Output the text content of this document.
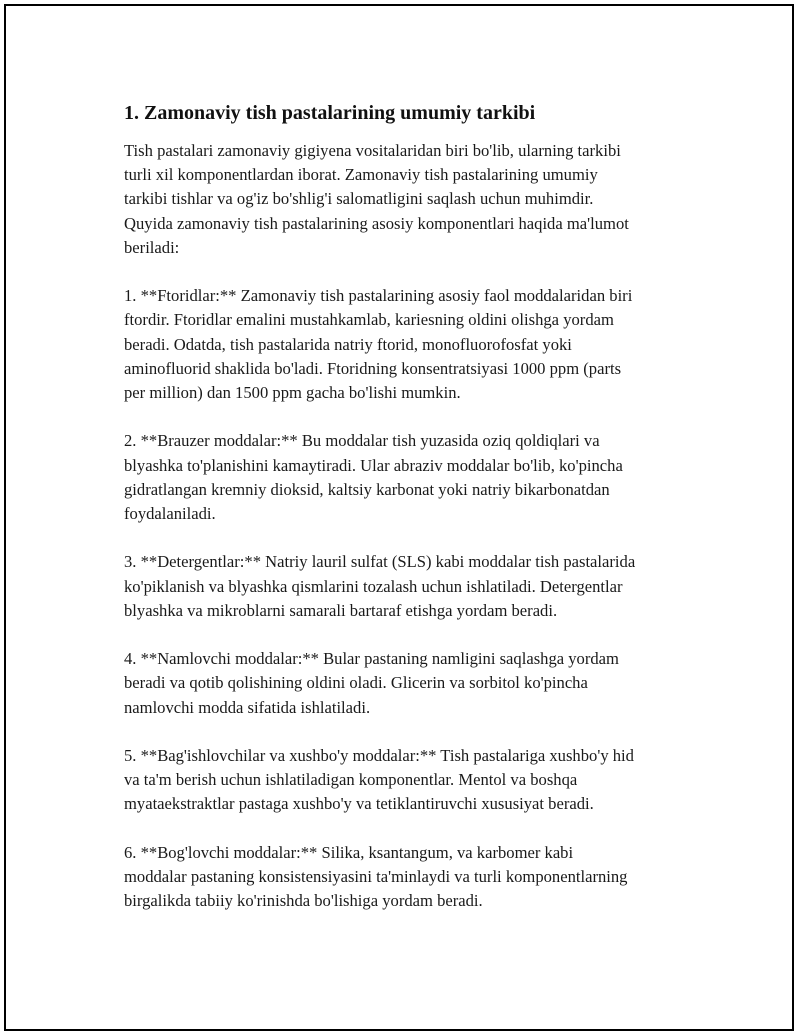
1. Zamonaviy tish pastalarining umumiy tarkibi

Tish pastalari zamonaviy gigiyena vositalaridan biri bo'lib, ularning tarkibi
turli xil komponentlardan iborat. Zamonaviy tish pastalarining umumiy
tarkibi tishlar va og'iz bo'shlig'i salomatligini saqlash uchun muhimdir.
Quyida zamonaviy tish pastalarining asosiy komponentlari haqida ma'lumot
beriladi:

1. **Ftoridlar:** Zamonaviy tish pastalarining asosiy faol moddalaridan biri
ftordir. Ftoridlar emalini mustahkamlab, kariesning oldini olishga yordam
beradi. Odatda, tish pastalarida natriy ftorid, monofluorofosfat yoki
aminofluorid shaklida bo'ladi. Ftoridning konsentratsiyasi 1000 ppm (parts
per million) dan 1500 ppm gacha bo'lishi mumkin.

2. **Brauzer moddalar:** Bu moddalar tish yuzasida oziq qoldiqlari va
blyashka to'planishini kamaytiradi. Ular abraziv moddalar bo'lib, ko'pincha
gidratlangan kremniy dioksid, kaltsiy karbonat yoki natriy bikarbonatdan
foydalaniladi.

3. **Detergentlar:** Natriy lauril sulfat (SLS) kabi moddalar tish pastalarida
ko'piklanish va blyashka qismlarini tozalash uchun ishlatiladi. Detergentlar
blyashka va mikroblarni samarali bartaraf etishga yordam beradi.

4. **Namlovchi moddalar:** Bular pastaning namligini saqlashga yordam
beradi va qotib qolishining oldini oladi. Glicerin va sorbitol ko'pincha
namlovchi modda sifatida ishlatiladi.

5. **Bag'ishlovchilar va xushbo'y moddalar:** Tish pastalariga xushbo'y hid
va ta'm berish uchun ishlatiladigan komponentlar. Mentol va boshqa
myataekstraktlar pastaga xushbo'y va tetiklantiruvchi xususiyat beradi.

6. **Bog'lovchi moddalar:** Silika, ksantangum, va karbomer kabi
moddalar pastaning konsistensiyasini ta'minlaydi va turli komponentlarning
birgalikda tabiiy ko'rinishda bo'lishiga yordam beradi.
